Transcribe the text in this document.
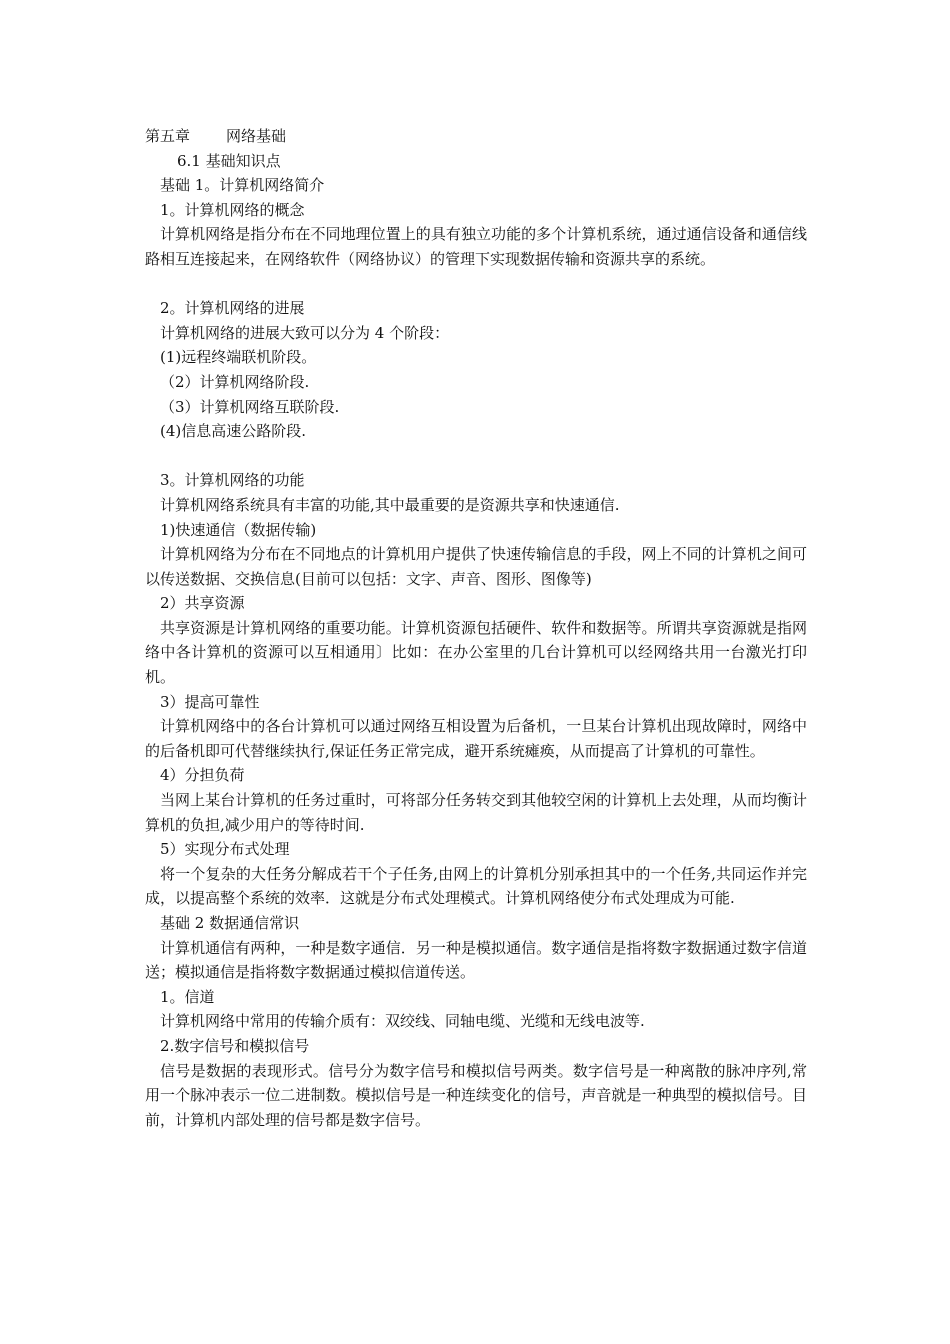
第五章 网络基础
6.1 基础知识点
基础 1。计算机网络简介
1。计算机网络的概念
计算机网络是指分布在不同地理位置上的具有独立功能的多个计算机系统，通过通信设备和通信线路相互连接起来，在网络软件（网络协议）的管理下实现数据传输和资源共享的系统。
2。计算机网络的进展
计算机网络的进展大致可以分为 4 个阶段：
(1)远程终端联机阶段。
（2）计算机网络阶段.
（3）计算机网络互联阶段.
(4)信息高速公路阶段.
3。计算机网络的功能
计算机网络系统具有丰富的功能,其中最重要的是资源共享和快速通信.
1)快速通信（数据传输)
计算机网络为分布在不同地点的计算机用户提供了快速传输信息的手段，网上不同的计算机之间可以传送数据、交换信息(目前可以包括：文字、声音、图形、图像等)
2）共享资源
共享资源是计算机网络的重要功能。计算机资源包括硬件、软件和数据等。所谓共享资源就是指网络中各计算机的资源可以互相通用〕比如：在办公室里的几台计算机可以经网络共用一台激光打印机。
3）提高可靠性
计算机网络中的各台计算机可以通过网络互相设置为后备机，一旦某台计算机出现故障时，网络中的后备机即可代替继续执行,保证任务正常完成，避开系统瘫痪，从而提高了计算机的可靠性。
4）分担负荷
当网上某台计算机的任务过重时，可将部分任务转交到其他较空闲的计算机上去处理，从而均衡计算机的负担,减少用户的等待时间.
5）实现分布式处理
将一个复杂的大任务分解成若干个子任务,由网上的计算机分别承担其中的一个任务,共同运作并完成，以提高整个系统的效率．这就是分布式处理模式。计算机网络使分布式处理成为可能.
基础 2 数据通信常识
计算机通信有两种，一种是数字通信．另一种是模拟通信。数字通信是指将数字数据通过数字信道送；模拟通信是指将数字数据通过模拟信道传送。
1。信道
计算机网络中常用的传输介质有：双绞线、同轴电缆、光缆和无线电波等.
2.数字信号和模拟信号
信号是数据的表现形式。信号分为数字信号和模拟信号两类。数字信号是一种离散的脉冲序列,常用一个脉冲表示一位二进制数。模拟信号是一种连续变化的信号，声音就是一种典型的模拟信号。目前，计算机内部处理的信号都是数字信号。
